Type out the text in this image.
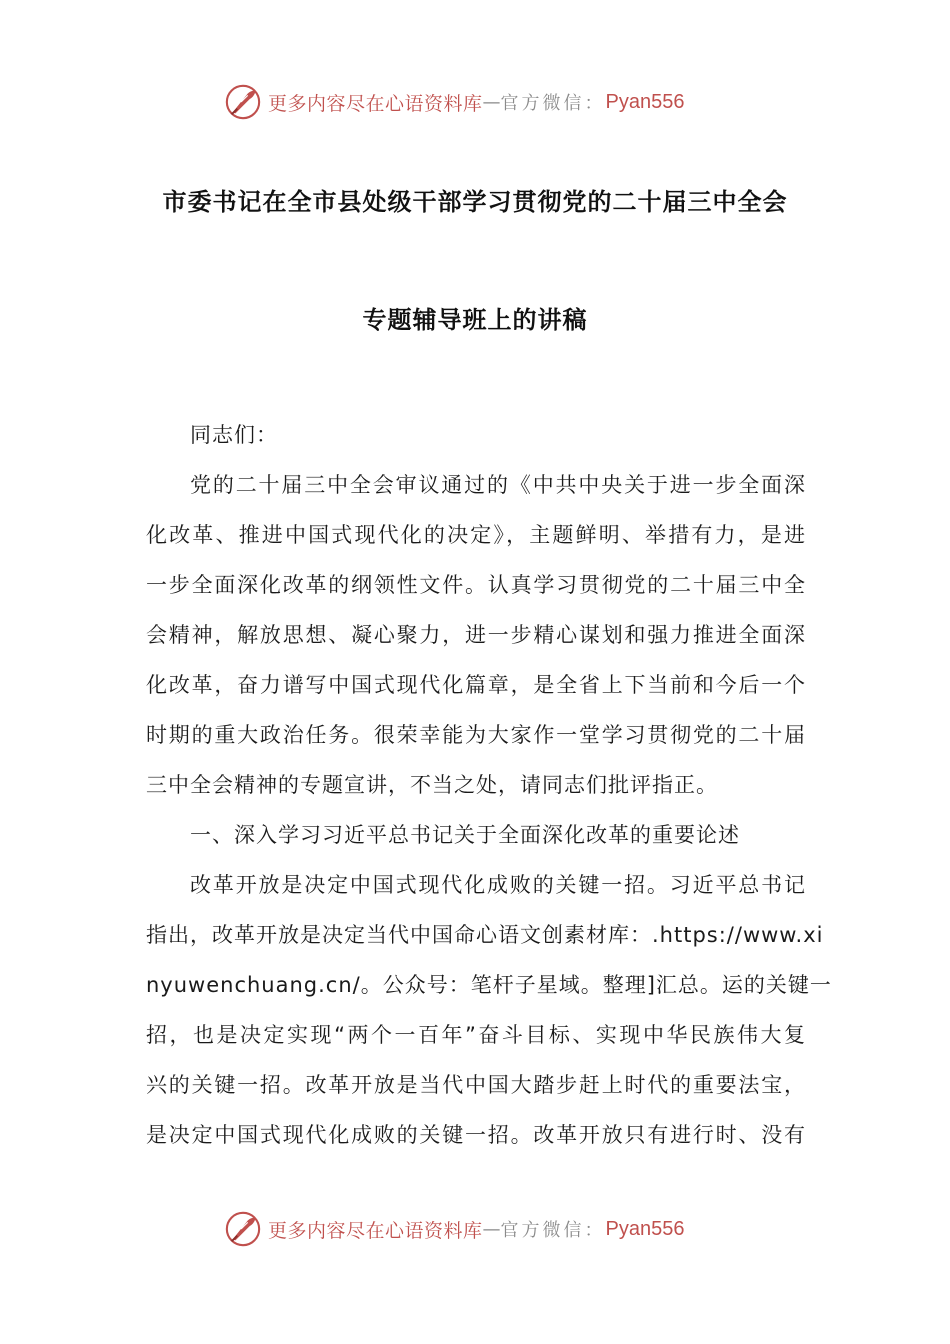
更多内容尽在心语资料库 — 官方微信： Pyan556
市委书记在全市县处级干部学习贯彻党的二十届三中全会
专题辅导班上的讲稿
同志们：
党的二十届三中全会审议通过的《中共中央关于进一步全面深
化改革、推进中国式现代化的决定》，主题鲜明、举措有力，是进
一步全面深化改革的纲领性文件。认真学习贯彻党的二十届三中全
会精神，解放思想、凝心聚力，进一步精心谋划和强力推进全面深
化改革，奋力谱写中国式现代化篇章，是全省上下当前和今后一个
时期的重大政治任务。很荣幸能为大家作一堂学习贯彻党的二十届
三中全会精神的专题宣讲，不当之处，请同志们批评指正。
一、深入学习习近平总书记关于全面深化改革的重要论述
改革开放是决定中国式现代化成败的关键一招。习近平总书记
指出，改革开放是决定当代中国命心语文创素材库：.https://www.xi
nyuwenchuang.cn/。公众号：笔杆子星域。整理]汇总。运的关键一
招，也是决定实现“两个一百年”奋斗目标、实现中华民族伟大复
兴的关键一招。改革开放是当代中国大踏步赶上时代的重要法宝，
是决定中国式现代化成败的关键一招。改革开放只有进行时、没有
更多内容尽在心语资料库 — 官方微信： Pyan556
